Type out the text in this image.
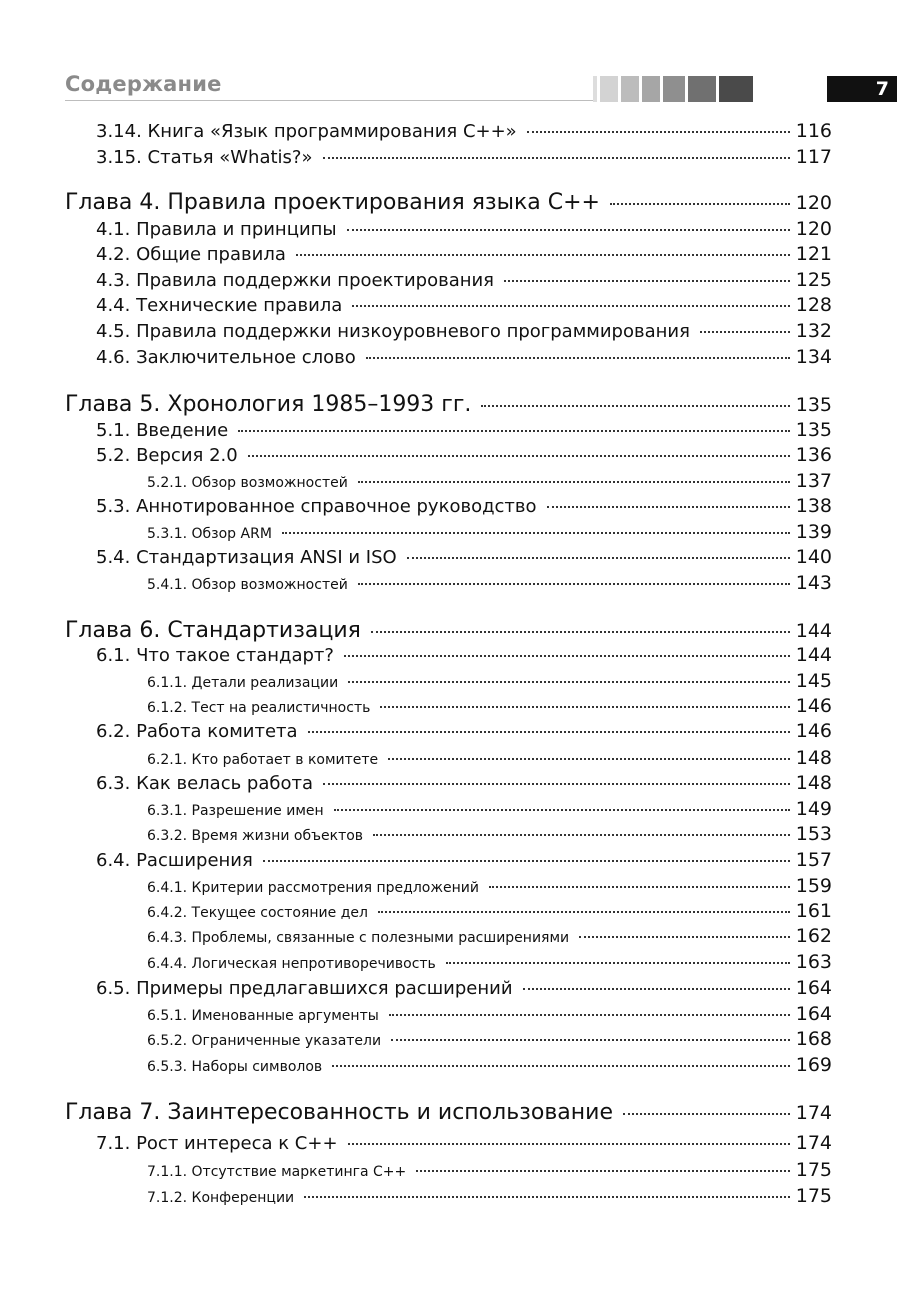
Содержание	7
3.14. Книга «Язык программирования C++»	116
3.15. Статья «Whatis?»	117
Глава 4. Правила проектирования языка C++	120
4.1. Правила и принципы	120
4.2. Общие правила	121
4.3. Правила поддержки проектирования	125
4.4. Технические правила	128
4.5. Правила поддержки низкоуровневого программирования	132
4.6. Заключительное слово	134
Глава 5. Хронология 1985–1993 гг.	135
5.1. Введение	135
5.2. Версия 2.0	136
5.2.1. Обзор возможностей	137
5.3. Аннотированное справочное руководство	138
5.3.1. Обзор ARM	139
5.4. Стандартизация ANSI и ISO	140
5.4.1. Обзор возможностей	143
Глава 6. Стандартизация	144
6.1. Что такое стандарт?	144
6.1.1. Детали реализации	145
6.1.2. Тест на реалистичность	146
6.2. Работа комитета	146
6.2.1. Кто работает в комитете	148
6.3. Как велась работа	148
6.3.1. Разрешение имен	149
6.3.2. Время жизни объектов	153
6.4. Расширения	157
6.4.1. Критерии рассмотрения предложений	159
6.4.2. Текущее состояние дел	161
6.4.3. Проблемы, связанные с полезными расширениями	162
6.4.4. Логическая непротиворечивость	163
6.5. Примеры предлагавшихся расширений	164
6.5.1. Именованные аргументы	164
6.5.2. Ограниченные указатели	168
6.5.3. Наборы символов	169
Глава 7. Заинтересованность и использование	174
7.1. Рост интереса к C++	174
7.1.1. Отсутствие маркетинга C++	175
7.1.2. Конференции	175
